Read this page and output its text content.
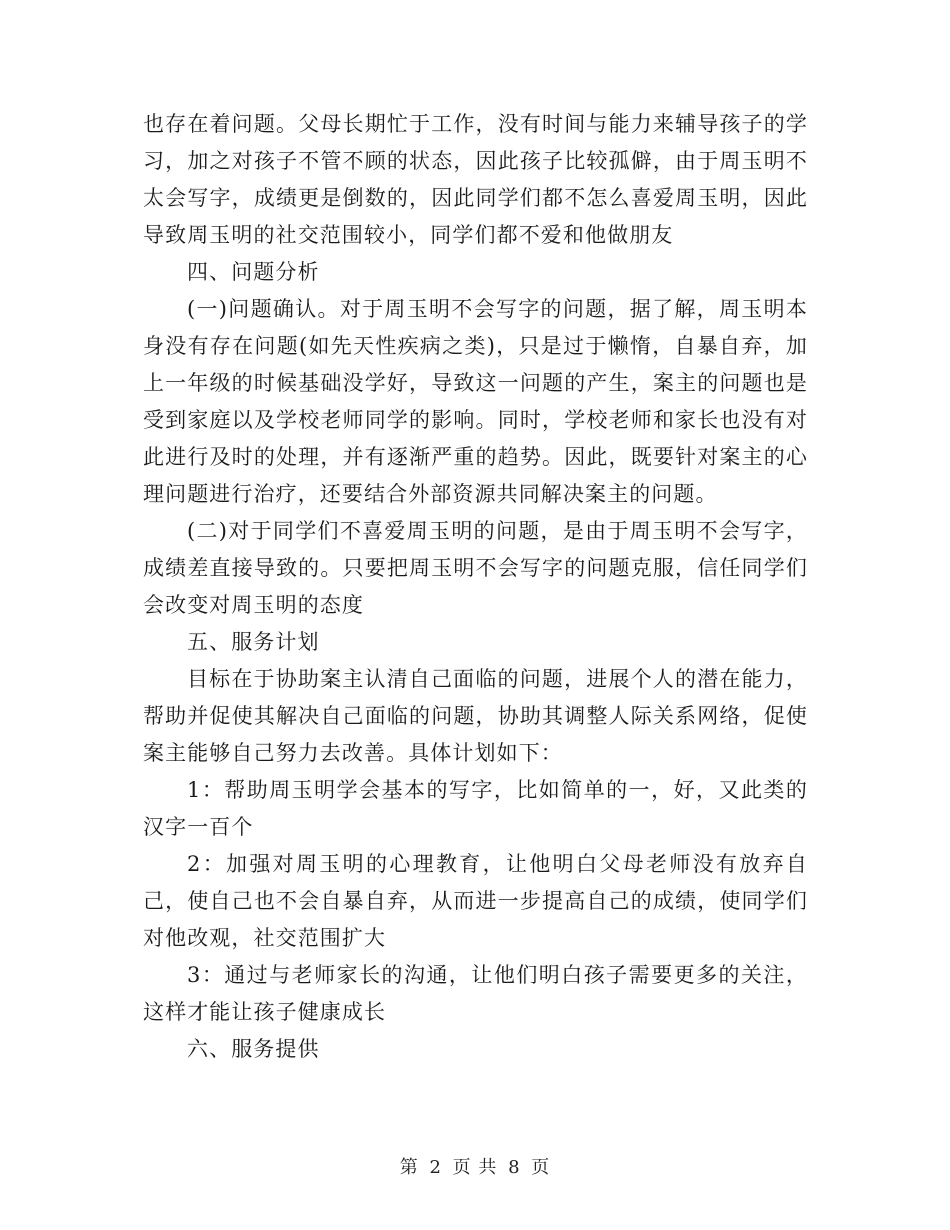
也存在着问题。父母长期忙于工作，没有时间与能力来辅导孩子的学习，加之对孩子不管不顾的状态，因此孩子比较孤僻，由于周玉明不太会写字，成绩更是倒数的，因此同学们都不怎么喜爱周玉明，因此导致周玉明的社交范围较小，同学们都不爱和他做朋友

四、问题分析

(一)问题确认。对于周玉明不会写字的问题，据了解，周玉明本身没有存在问题(如先天性疾病之类)，只是过于懒惰，自暴自弃，加上一年级的时候基础没学好，导致这一问题的产生，案主的问题也是受到家庭以及学校老师同学的影响。同时，学校老师和家长也没有对此进行及时的处理，并有逐渐严重的趋势。因此，既要针对案主的心理问题进行治疗，还要结合外部资源共同解决案主的问题。

(二)对于同学们不喜爱周玉明的问题，是由于周玉明不会写字，成绩差直接导致的。只要把周玉明不会写字的问题克服，信任同学们会改变对周玉明的态度

五、服务计划

目标在于协助案主认清自己面临的问题，进展个人的潜在能力，帮助并促使其解决自己面临的问题，协助其调整人际关系网络，促使案主能够自己努力去改善。具体计划如下：

1：帮助周玉明学会基本的写字，比如简单的一，好，又此类的汉字一百个

2：加强对周玉明的心理教育，让他明白父母老师没有放弃自己，使自己也不会自暴自弃，从而进一步提高自己的成绩，使同学们对他改观，社交范围扩大

3：通过与老师家长的沟通，让他们明白孩子需要更多的关注，这样才能让孩子健康成长

六、服务提供

第 2 页 共 8 页
